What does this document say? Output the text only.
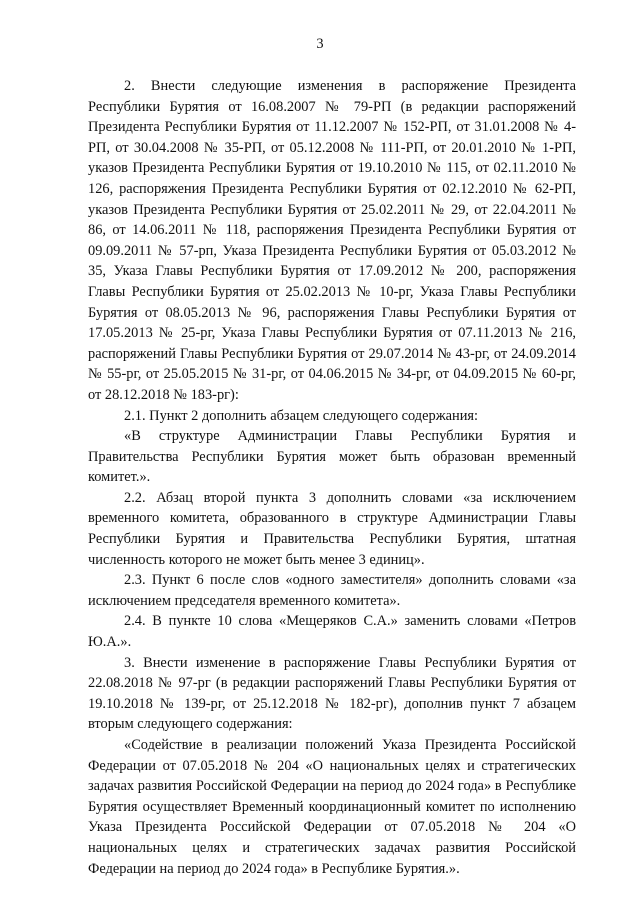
3

2. Внести следующие изменения в распоряжение Президента Республики Бурятия от 16.08.2007 № 79-РП (в редакции распоряжений Президента Республики Бурятия от 11.12.2007 № 152-РП, от 31.01.2008 № 4-РП, от 30.04.2008 № 35-РП, от 05.12.2008 № 111-РП, от 20.01.2010 № 1-РП, указов Президента Республики Бурятия от 19.10.2010 № 115, от 02.11.2010 № 126, распоряжения Президента Республики Бурятия от 02.12.2010 № 62-РП, указов Президента Республики Бурятия от 25.02.2011 № 29, от 22.04.2011 № 86, от 14.06.2011 № 118, распоряжения Президента Республики Бурятия от 09.09.2011 № 57-рп, Указа Президента Республики Бурятия от 05.03.2012 № 35, Указа Главы Республики Бурятия от 17.09.2012 № 200, распоряжения Главы Республики Бурятия от 25.02.2013 № 10-рг, Указа Главы Республики Бурятия от 08.05.2013 № 96, распоряжения Главы Республики Бурятия от 17.05.2013 № 25-рг, Указа Главы Республики Бурятия от 07.11.2013 № 216, распоряжений Главы Республики Бурятия от 29.07.2014 № 43-рг, от 24.09.2014 № 55-рг, от 25.05.2015 № 31-рг, от 04.06.2015 № 34-рг, от 04.09.2015 № 60-рг, от 28.12.2018 № 183-рг):

2.1. Пункт 2 дополнить абзацем следующего содержания:

«В структуре Администрации Главы Республики Бурятия и Правительства Республики Бурятия может быть образован временный комитет.».

2.2. Абзац второй пункта 3 дополнить словами «за исключением временного комитета, образованного в структуре Администрации Главы Республики Бурятия и Правительства Республики Бурятия, штатная численность которого не может быть менее 3 единиц».

2.3. Пункт 6 после слов «одного заместителя» дополнить словами «за исключением председателя временного комитета».

2.4. В пункте 10 слова «Мещеряков С.А.» заменить словами «Петров Ю.А.».

3. Внести изменение в распоряжение Главы Республики Бурятия от 22.08.2018 № 97-рг (в редакции распоряжений Главы Республики Бурятия от 19.10.2018 № 139-рг, от 25.12.2018 № 182-рг), дополнив пункт 7 абзацем вторым следующего содержания:

«Содействие в реализации положений Указа Президента Российской Федерации от 07.05.2018 № 204 «О национальных целях и стратегических задачах развития Российской Федерации на период до 2024 года» в Республике Бурятия осуществляет Временный координационный комитет по исполнению Указа Президента Российской Федерации от 07.05.2018 № 204 «О национальных целях и стратегических задачах развития Российской Федерации на период до 2024 года» в Республике Бурятия.».
